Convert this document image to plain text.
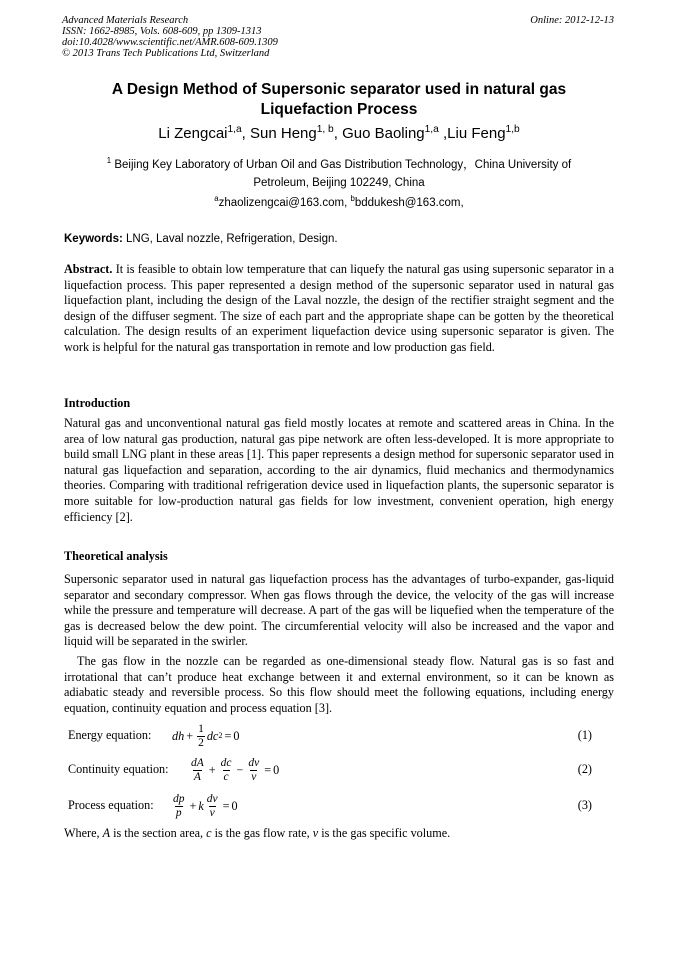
Advanced Materials Research
ISSN: 1662-8985, Vols. 608-609, pp 1309-1313
doi:10.4028/www.scientific.net/AMR.608-609.1309
© 2013 Trans Tech Publications Ltd, Switzerland
Online: 2012-12-13
A Design Method of Supersonic separator used in natural gas
Liquefaction Process
Li Zengcai$^{1,a}$, Sun Heng$^{1, b}$, Guo Baoling$^{1,a}$ ,Liu Feng$^{1,b}$
$^1$ Beijing Key Laboratory of Urban Oil and Gas Distribution Technology，China University of
Petroleum, Beijing 102249, China
$^a$zhaolizengcai@163.com, $^b$bddukesh@163.com,
Keywords: LNG, Laval nozzle, Refrigeration, Design.

Abstract. It is feasible to obtain low temperature that can liquefy the natural gas using supersonic separator in a liquefaction process. This paper represented a design method of the supersonic separator used in natural gas liquefaction plant, including the design of the Laval nozzle, the design of the rectifier straight segment and the design of the diffuser segment. The size of each part and the appropriate shape can be gotten by the theoretical calculation. The design results of an experiment liquefaction device using supersonic separator is given. The work is helpful for the natural gas transportation in remote and low production gas field.

Introduction

Natural gas and unconventional natural gas field mostly locates at remote and scattered areas in China. In the area of low natural gas production, natural gas pipe network are often less-developed. It is more appropriate to build small LNG plant in these areas [1]. This paper represents a design method for supersonic separator used in natural gas liquefaction and separation, according to the air dynamics, fluid mechanics and thermodynamics theories. Comparing with traditional refrigeration device used in liquefaction plants, the supersonic separator is more suitable for low-production natural gas fields for low investment, convenient operation, high energy efficiency [2].

Theoretical analysis

Supersonic separator used in natural gas liquefaction process has the advantages of turbo-expander, gas-liquid separator and secondary compressor. When gas flows through the device, the velocity of the gas will increase while the pressure and temperature will decrease. A part of the gas will be liquefied when the temperature of the gas is decreased below the dew point. The circumferential velocity will also be increased and the vapor and liquid will be separated in the swirler.

The gas flow in the nozzle can be regarded as one-dimensional steady flow. Natural gas is so fast and irrotational that can’t produce heat exchange between it and external environment, so it can be known as adiabatic steady and reversible process. So this flow should meet the following equations, including energy equation, continuity equation and process equation [3].

Energy equation: dh + $\frac{1}{2}$ dc 2 = 0	(1)
Continuity equation: $\frac{dA}{A} + \frac{dc}{c} - \frac{dv}{v} = 0$	(2)
Process equation: $\frac{dp}{p} + k \frac{dv}{v} = 0$	(3)
Where, A is the section area, c is the gas flow rate, v is the gas specific volume.
